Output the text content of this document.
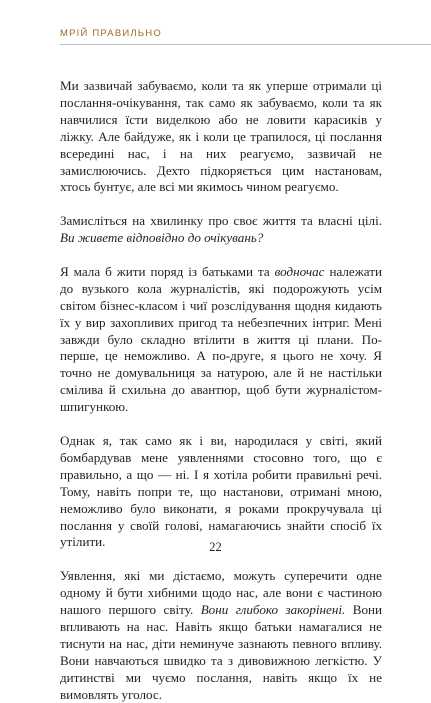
МРІЙ ПРАВИЛЬНО

Ми зазвичай забуваємо, коли та як уперше отримали ці послання-очікування, так само як забуваємо, коли та як навчилися їсти виделкою або не ловити карасиків у ліжку. Але байдуже, як і коли це трапилося, ці послання всередині нас, і на них реагуємо, зазвичай не замислюючись. Дехто підкоряється цим настановам, хтось бунтує, але всі ми якимось чином реагуємо.

Замисліться на хвилинку про своє життя та власні цілі. Ви живете відповідно до очікувань?

Я мала б жити поряд із батьками та водночас належати до вузького кола журналістів, які подорожують усім світом бізнес-класом і чиї розслідування щодня кидають їх у вир захопливих пригод та небезпечних інтриг. Мені завжди було складно втілити в життя ці плани. По-перше, це неможливо. А по-друге, я цього не хочу. Я точно не домувальниця за натурою, але й не настільки смілива й схильна до авантюр, щоб бути журналістом-шпигункою.

Однак я, так само як і ви, народилася у світі, який бомбардував мене уявленнями стосовно того, що є правильно, а що — ні. І я хотіла робити правильні речі. Тому, навіть попри те, що настанови, отримані мною, неможливо було виконати, я роками прокручувала ці послання у своїй голові, намагаючись знайти спосіб їх утілити.

Уявлення, які ми дістаємо, можуть суперечити одне одному й бути хибними щодо нас, але вони є частиною нашого першого світу. Вони глибоко закорінені. Вони впливають на нас. Навіть якщо батьки намагалися не тиснути на нас, діти неминуче зазнають певного впливу. Вони навчаються швидко та з дивовижною легкістю. У дитинстві ми чуємо послання, навіть якщо їх не вимовлять уголос.

22
